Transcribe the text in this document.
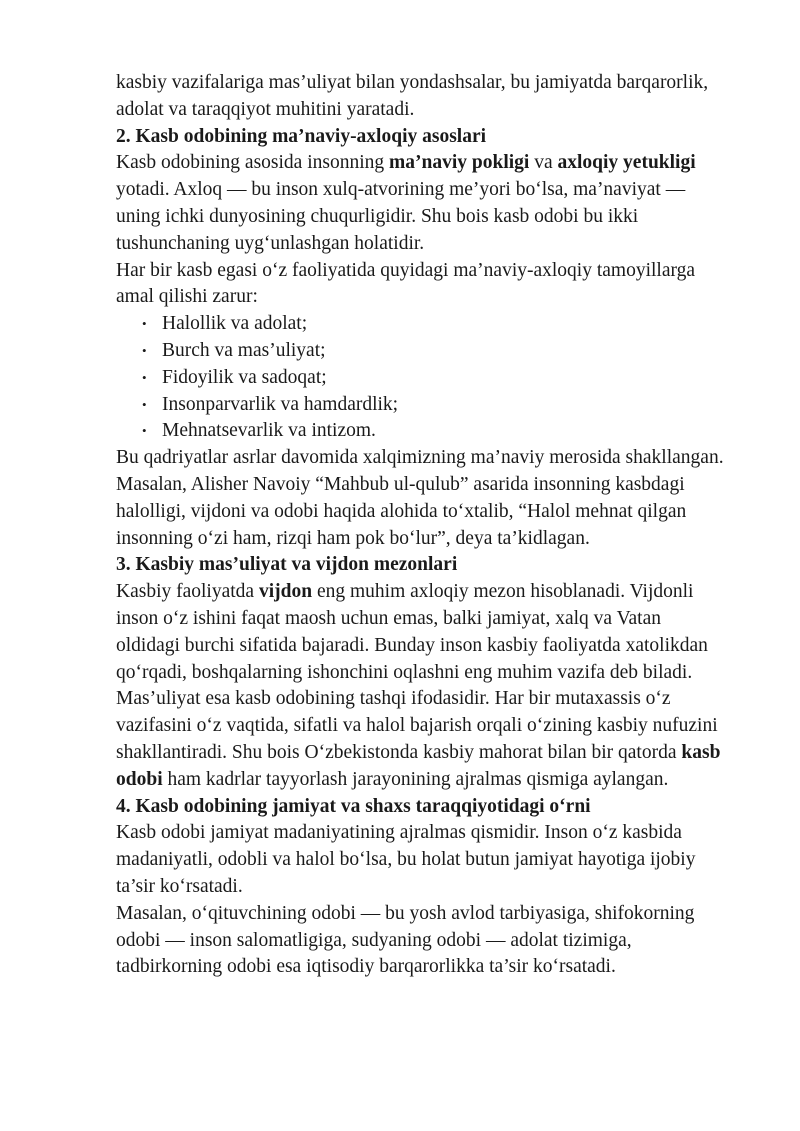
kasbiy vazifalariga mas’uliyat bilan yondashsalar, bu jamiyatda barqarorlik,
adolat va taraqqiyot muhitini yaratadi.

2. Kasb odobining ma’naviy-axloqiy asoslari

Kasb odobining asosida insonning ma’naviy pokligi va axloqiy yetukligi
yotadi. Axloq — bu inson xulq-atvorining me’yori bo‘lsa, ma’naviyat —
uning ichki dunyosining chuqurligidir. Shu bois kasb odobi bu ikki
tushunchaning uyg‘unlashgan holatidir.

Har bir kasb egasi o‘z faoliyatida quyidagi ma’naviy-axloqiy tamoyillarga
amal qilishi zarur:

• Halollik va adolat;
• Burch va mas’uliyat;
• Fidoyilik va sadoqat;
• Insonparvarlik va hamdardlik;
• Mehnatsevarlik va intizom.

Bu qadriyatlar asrlar davomida xalqimizning ma’naviy merosida shakllangan.
Masalan, Alisher Navoiy “Mahbub ul-qulub” asarida insonning kasbdagi
halolligi, vijdoni va odobi haqida alohida to‘xtalib, “Halol mehnat qilgan
insonning o‘zi ham, rizqi ham pok bo‘lur”, deya ta’kidlagan.

3. Kasbiy mas’uliyat va vijdon mezonlari

Kasbiy faoliyatda vijdon eng muhim axloqiy mezon hisoblanadi. Vijdonli
inson o‘z ishini faqat maosh uchun emas, balki jamiyat, xalq va Vatan
oldidagi burchi sifatida bajaradi. Bunday inson kasbiy faoliyatda xatolikdan
qo‘rqadi, boshqalarning ishonchini oqlashni eng muhim vazifa deb biladi.

Mas’uliyat esa kasb odobining tashqi ifodasidir. Har bir mutaxassis o‘z
vazifasini o‘z vaqtida, sifatli va halol bajarish orqali o‘zining kasbiy nufuzini
shakllantiradi. Shu bois O‘zbekistonda kasbiy mahorat bilan bir qatorda kasb
odobi ham kadrlar tayyorlash jarayonining ajralmas qismiga aylangan.

4. Kasb odobining jamiyat va shaxs taraqqiyotidagi o‘rni

Kasb odobi jamiyat madaniyatining ajralmas qismidir. Inson o‘z kasbida
madaniyatli, odobli va halol bo‘lsa, bu holat butun jamiyat hayotiga ijobiy
ta’sir ko‘rsatadi.

Masalan, o‘qituvchining odobi — bu yosh avlod tarbiyasiga, shifokorning
odobi — inson salomatligiga, sudyaning odobi — adolat tizimiga,
tadbirkorning odobi esa iqtisodiy barqarorlikka ta’sir ko‘rsatadi.
